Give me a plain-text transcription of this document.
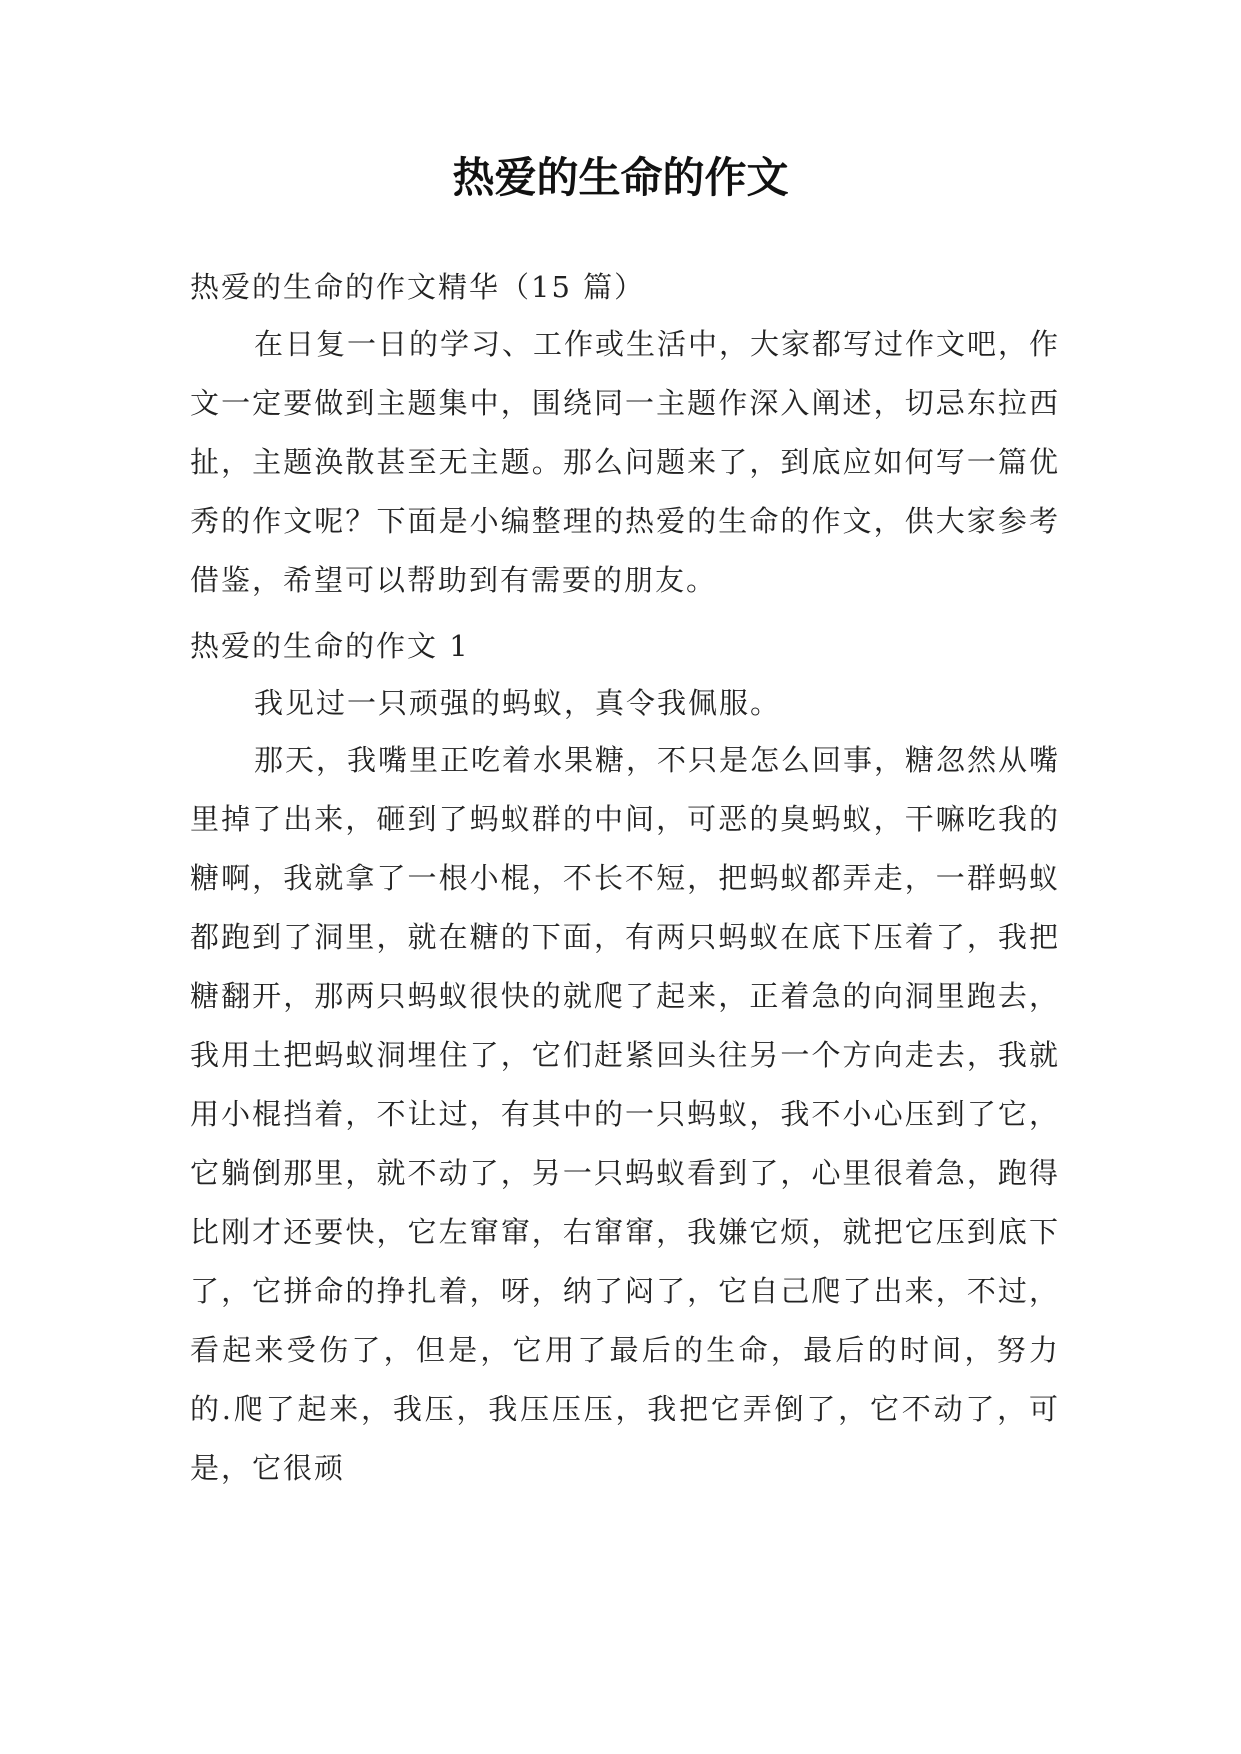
热爱的生命的作文
热爱的生命的作文精华（15 篇）
在日复一日的学习、工作或生活中，大家都写过作文吧，作文一定要做到主题集中，围绕同一主题作深入阐述，切忌东拉西扯，主题涣散甚至无主题。那么问题来了，到底应如何写一篇优秀的作文呢？下面是小编整理的热爱的生命的作文，供大家参考借鉴，希望可以帮助到有需要的朋友。
热爱的生命的作文 1
我见过一只顽强的蚂蚁，真令我佩服。
那天，我嘴里正吃着水果糖，不只是怎么回事，糖忽然从嘴里掉了出来，砸到了蚂蚁群的中间，可恶的臭蚂蚁，干嘛吃我的糖啊，我就拿了一根小棍，不长不短，把蚂蚁都弄走，一群蚂蚁都跑到了洞里，就在糖的下面，有两只蚂蚁在底下压着了，我把糖翻开，那两只蚂蚁很快的就爬了起来，正着急的向洞里跑去，我用土把蚂蚁洞埋住了，它们赶紧回头往另一个方向走去，我就用小棍挡着，不让过，有其中的一只蚂蚁，我不小心压到了它，它躺倒那里，就不动了，另一只蚂蚁看到了，心里很着急，跑得比刚才还要快，它左窜窜，右窜窜，我嫌它烦，就把它压到底下了，它拼命的挣扎着，呀，纳了闷了，它自己爬了出来，不过，看起来受伤了，但是，它用了最后的生命，最后的时间，努力的.爬了起来，我压，我压压压，我把它弄倒了，它不动了，可是，它很顽
